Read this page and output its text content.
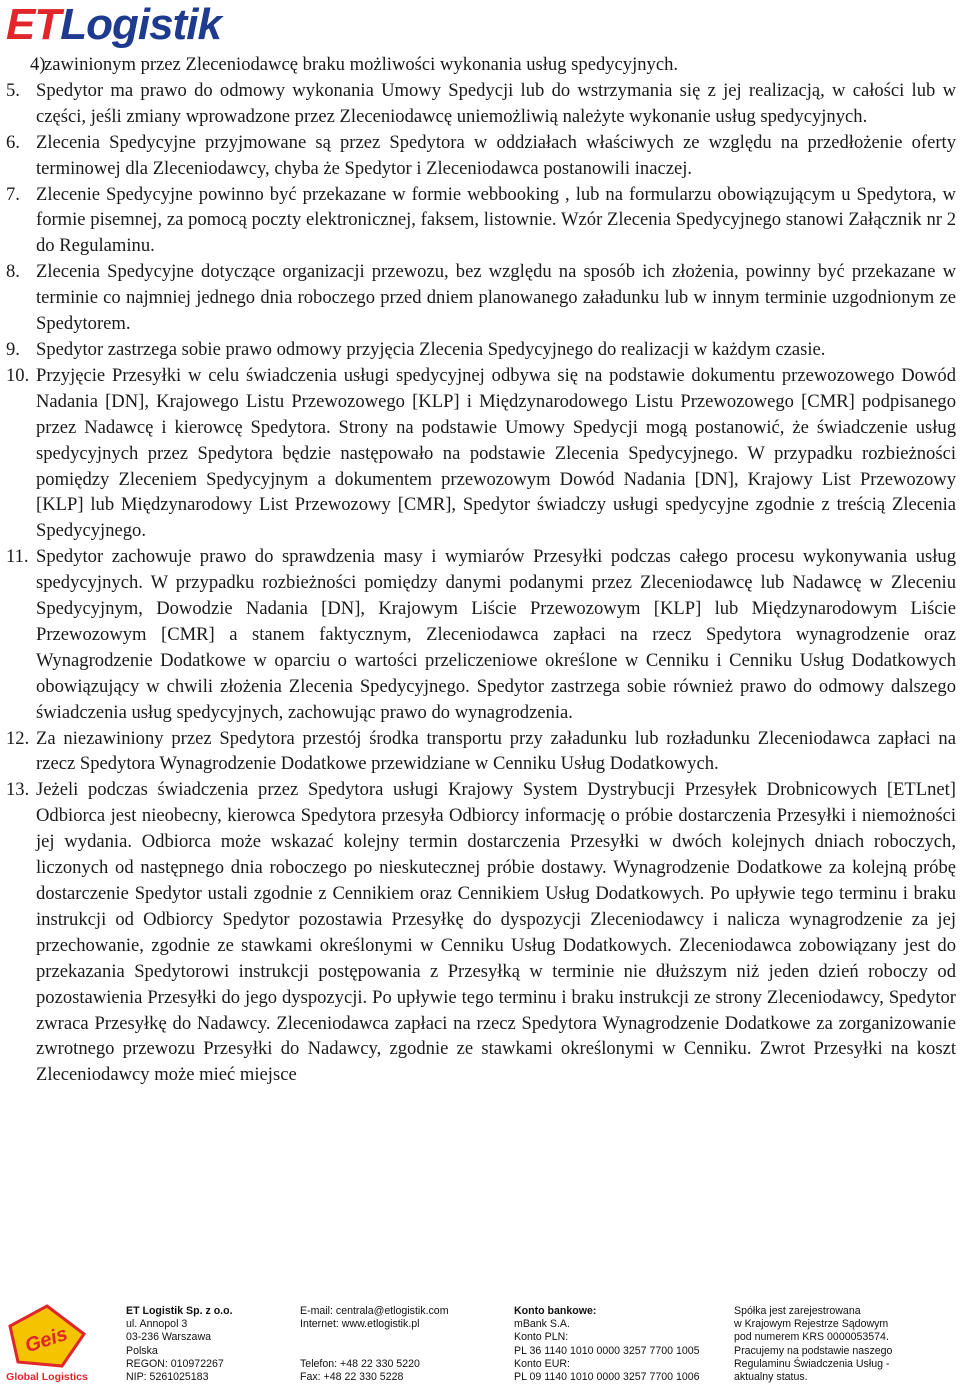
ETLogistik
4)
zawinionym przez Zleceniodawcę braku możliwości wykonania usług spedycyjnych.
5. Spedytor ma prawo do odmowy wykonania Umowy Spedycji lub do wstrzymania się z jej realizacją, w całości lub w części, jeśli zmiany wprowadzone przez Zleceniodawcę uniemożliwią należyte wykonanie usług spedycyjnych.
6. Zlecenia Spedycyjne przyjmowane są przez Spedytora w oddziałach właściwych ze względu na przedłożenie oferty terminowej dla Zleceniodawcy, chyba że Spedytor i Zleceniodawca postanowili inaczej.
7. Zlecenie Spedycyjne powinno być przekazane w formie webbooking , lub na formularzu obowiązującym u Spedytora, w formie pisemnej, za pomocą poczty elektronicznej, faksem, listownie. Wzór Zlecenia Spedycyjnego stanowi Załącznik nr 2 do Regulaminu.
8. Zlecenia Spedycyjne dotyczące organizacji przewozu, bez względu na sposób ich złożenia, powinny być przekazane w terminie co najmniej jednego dnia roboczego przed dniem planowanego załadunku lub w innym terminie uzgodnionym ze Spedytorem.
9. Spedytor zastrzega sobie prawo odmowy przyjęcia Zlecenia Spedycyjnego do realizacji w każdym czasie.
10. Przyjęcie Przesyłki w celu świadczenia usługi spedycyjnej odbywa się na podstawie dokumentu przewozowego Dowód Nadania [DN], Krajowego Listu Przewozowego [KLP] i Międzynarodowego Listu Przewozowego [CMR] podpisanego przez Nadawcę i kierowcę Spedytora. Strony na podstawie Umowy Spedycji mogą postanowić, że świadczenie usług spedycyjnych przez Spedytora będzie następowało na podstawie Zlecenia Spedycyjnego. W przypadku rozbieżności pomiędzy Zleceniem Spedycyjnym a dokumentem przewozowym Dowód Nadania [DN], Krajowy List Przewozowy [KLP] lub Międzynarodowy List Przewozowy [CMR], Spedytor świadczy usługi spedycyjne zgodnie z treścią Zlecenia Spedycyjnego.
11. Spedytor zachowuje prawo do sprawdzenia masy i wymiarów Przesyłki podczas całego procesu wykonywania usług spedycyjnych. W przypadku rozbieżności pomiędzy danymi podanymi przez Zleceniodawcę lub Nadawcę w Zleceniu Spedycyjnym, Dowodzie Nadania [DN], Krajowym Liście Przewozowym [KLP] lub Międzynarodowym Liście Przewozowym [CMR] a stanem faktycznym, Zleceniodawca zapłaci na rzecz Spedytora wynagrodzenie oraz Wynagrodzenie Dodatkowe w oparciu o wartości przeliczeniowe określone w Cenniku i Cenniku Usług Dodatkowych obowiązujący w chwili złożenia Zlecenia Spedycyjnego. Spedytor zastrzega sobie również prawo do odmowy dalszego świadczenia usług spedycyjnych, zachowując prawo do wynagrodzenia.
12. Za niezawiniony przez Spedytora przestój środka transportu przy załadunku lub rozładunku Zleceniodawca zapłaci na rzecz Spedytora Wynagrodzenie Dodatkowe przewidziane w Cenniku Usług Dodatkowych.
13. Jeżeli podczas świadczenia przez Spedytora usługi Krajowy System Dystrybucji Przesyłek Drobnicowych [ETLnet] Odbiorca jest nieobecny, kierowca Spedytora przesyła Odbiorcy informację o próbie dostarczenia Przesyłki i niemożności jej wydania. Odbiorca może wskazać kolejny termin dostarczenia Przesyłki w dwóch kolejnych dniach roboczych, liczonych od następnego dnia roboczego po nieskutecznej próbie dostawy. Wynagrodzenie Dodatkowe za kolejną próbę dostarczenie Spedytor ustali zgodnie z Cennikiem oraz Cennikiem Usług Dodatkowych. Po upływie tego terminu i braku instrukcji od Odbiorcy Spedytor pozostawia Przesyłkę do dyspozycji Zleceniodawcy i nalicza wynagrodzenie za jej przechowanie, zgodnie ze stawkami określonymi w Cenniku Usług Dodatkowych. Zleceniodawca zobowiązany jest do przekazania Spedytorowi instrukcji postępowania z Przesyłką w terminie nie dłuższym niż jeden dzień roboczy od pozostawienia Przesyłki do jego dyspozycji. Po upływie tego terminu i braku instrukcji ze strony Zleceniodawcy, Spedytor zwraca Przesyłkę do Nadawcy. Zleceniodawca zapłaci na rzecz Spedytora Wynagrodzenie Dodatkowe za zorganizowanie zwrotnego przewozu Przesyłki do Nadawcy, zgodnie ze stawkami określonymi w Cenniku. Zwrot Przesyłki na koszt Zleceniodawcy może mieć miejsce
Geis
Global Logistics
ET Logistik Sp. z o.o.
ul. Annopol 3
03-236 Warszawa
Polska
REGON: 010972267
NIP: 5261025183
E-mail: centrala@etlogistik.com
Internet: www.etlogistik.pl
Telefon: +48 22 330 5220
Fax: +48 22 330 5228
Konto bankowe:
mBank S.A.
Konto PLN:
PL 36 1140 1010 0000 3257 7700 1005
Konto EUR:
PL 09 1140 1010 0000 3257 7700 1006
Spółka jest zarejestrowana
w Krajowym Rejestrze Sądowym
pod numerem KRS 0000053574.
Pracujemy na podstawie naszego
Regulaminu Świadczenia Usług -
aktualny status.
